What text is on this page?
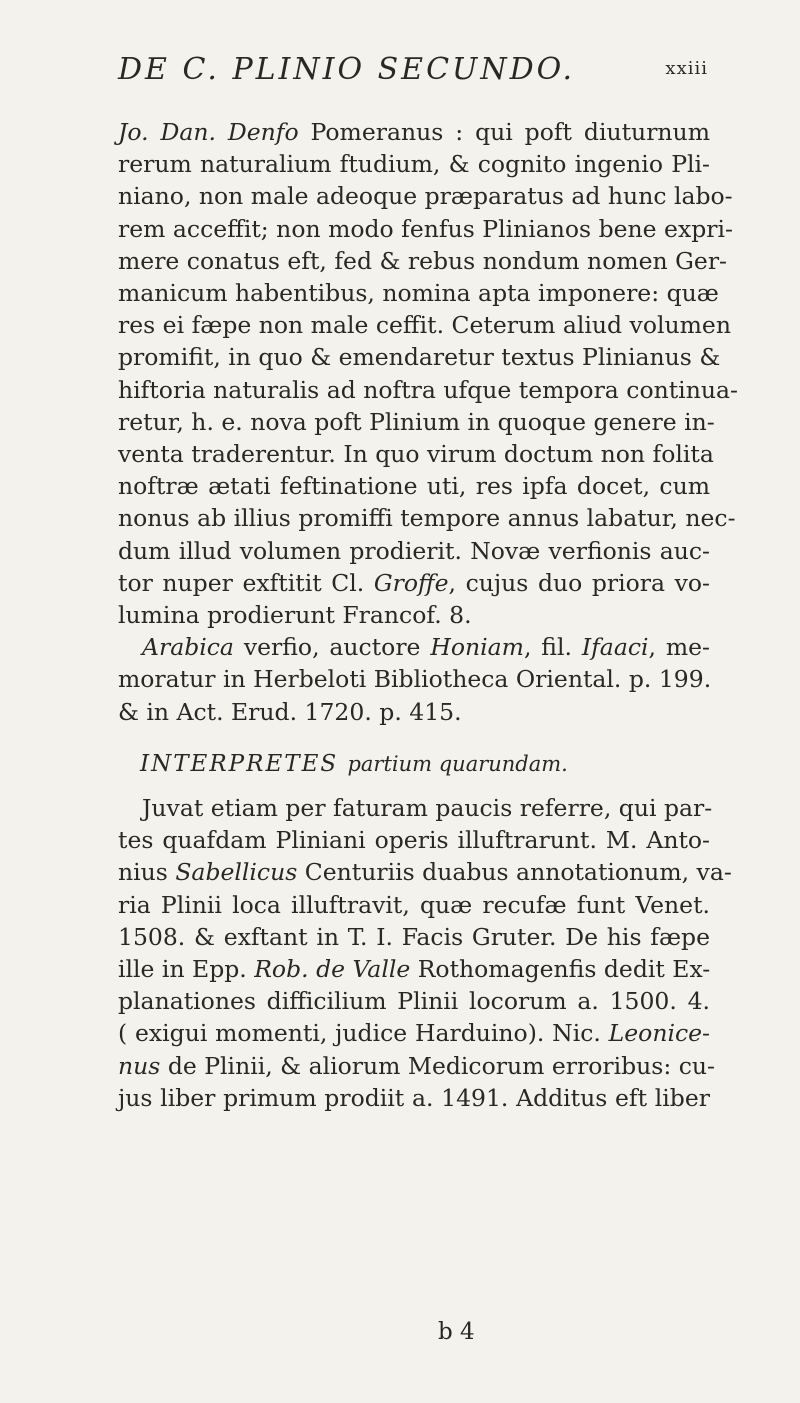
DE C. PLINIO SECUNDO.	xxiii
Jo. Dan. Denfo Pomeranus : qui poft diuturnum
rerum naturalium ftudium, & cognito ingenio Pli-
niano, non male adeoque præparatus ad hunc labo-
rem acceffit; non modo fenfus Plinianos bene expri-
mere conatus eft, fed & rebus nondum nomen Ger-
manicum habentibus, nomina apta imponere: quæ
res ei fæpe non male ceffit. Ceterum aliud volumen
promifit, in quo & emendaretur textus Plinianus &
hiftoria naturalis ad noftra ufque tempora continua-
retur, h. e. nova poft Plinium in quoque genere in-
venta traderentur. In quo virum doctum non folita
noftræ ætati feftinatione uti, res ipfa docet, cum
nonus ab illius promiffi tempore annus labatur, nec-
dum illud volumen prodierit. Novæ verfionis auc-
tor nuper exftitit Cl. Groffe, cujus duo priora vo-
lumina prodierunt Francof. 8.
Arabica verfio, auctore Honiam, fil. Ifaaci, me-
moratur in Herbeloti Bibliotheca Oriental. p. 199.
& in Act. Erud. 1720. p. 415.
INTERPRETES partium quarundam.
Juvat etiam per faturam paucis referre, qui par-
tes quafdam Pliniani operis illuftrarunt. M. Anto-
nius Sabellicus Centuriis duabus annotationum, va-
ria Plinii loca illuftravit, quæ recufæ funt Venet.
1508. & exftant in T. I. Facis Gruter. De his fæpe
ille in Epp. Rob. de Valle Rothomagenfis dedit Ex-
planationes difficilium Plinii locorum a. 1500. 4.
( exigui momenti, judice Harduino). Nic. Leonice-
nus de Plinii, & aliorum Medicorum erroribus: cu-
jus liber primum prodiit a. 1491. Additus eft liber
b 4
